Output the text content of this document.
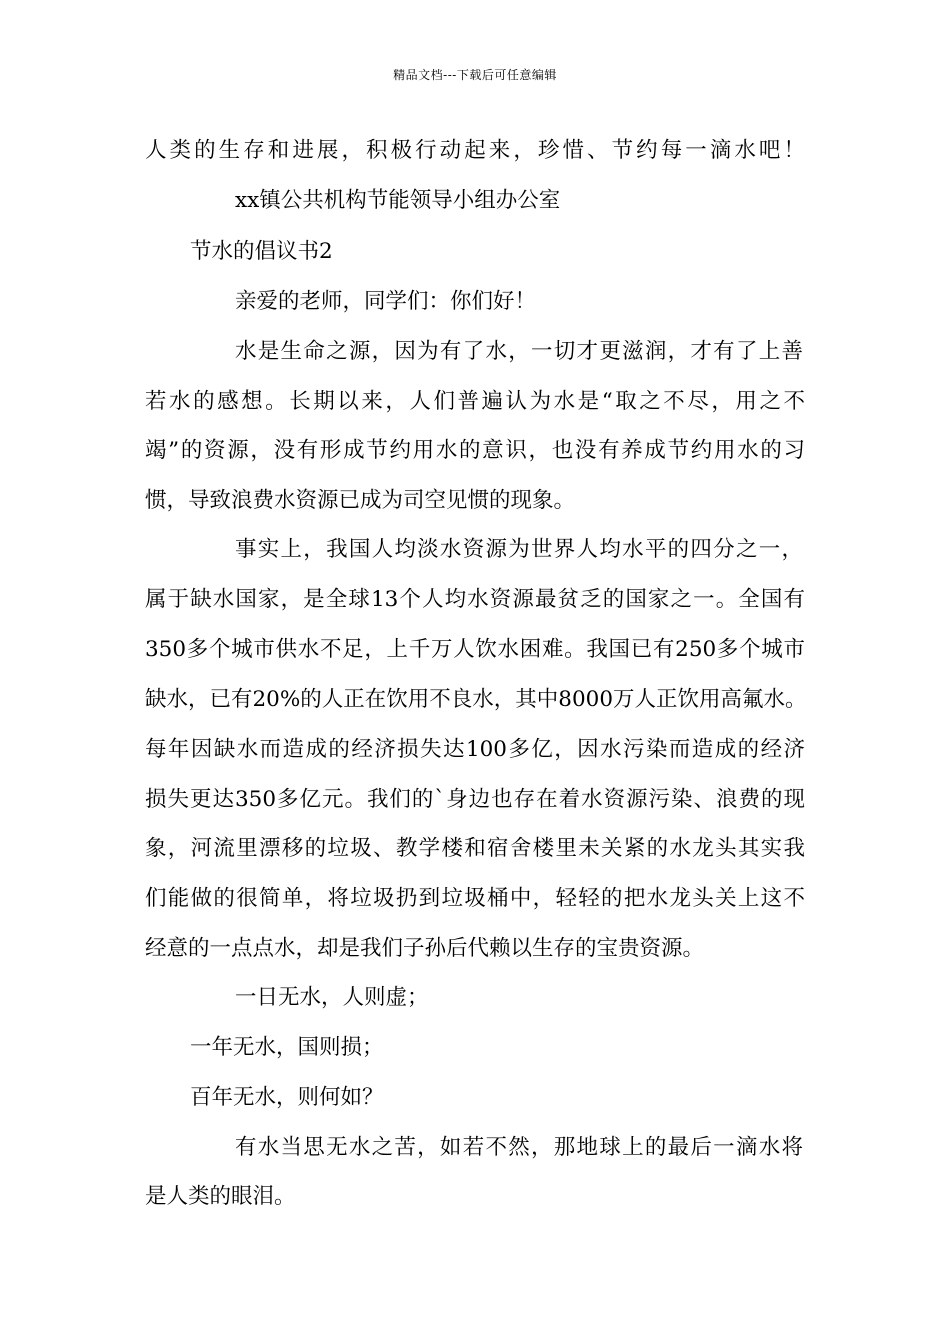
精品文档---下载后可任意编辑
人类的生存和进展，积极行动起来，珍惜、节约每一滴水吧！
xx镇公共机构节能领导小组办公室
节水的倡议书2
亲爱的老师，同学们：你们好！
水是生命之源，因为有了水，一切才更滋润，才有了上善
若水的感想。长期以来，人们普遍认为水是“取之不尽，用之不
竭”的资源，没有形成节约用水的意识，也没有养成节约用水的习
惯，导致浪费水资源已成为司空见惯的现象。
事实上，我国人均淡水资源为世界人均水平的四分之一，
属于缺水国家，是全球13个人均水资源最贫乏的国家之一。全国有
350多个城市供水不足，上千万人饮水困难。我国已有250多个城市
缺水，已有20%的人正在饮用不良水，其中8000万人正饮用高氟水。
每年因缺水而造成的经济损失达100多亿，因水污染而造成的经济
损失更达350多亿元。我们的`身边也存在着水资源污染、浪费的现
象，河流里漂移的垃圾、教学楼和宿舍楼里未关紧的水龙头其实我
们能做的很简单，将垃圾扔到垃圾桶中，轻轻的把水龙头关上这不
经意的一点点水，却是我们子孙后代赖以生存的宝贵资源。
一日无水，人则虚；
一年无水，国则损；
百年无水，则何如？
有水当思无水之苦，如若不然，那地球上的最后一滴水将
是人类的眼泪。
